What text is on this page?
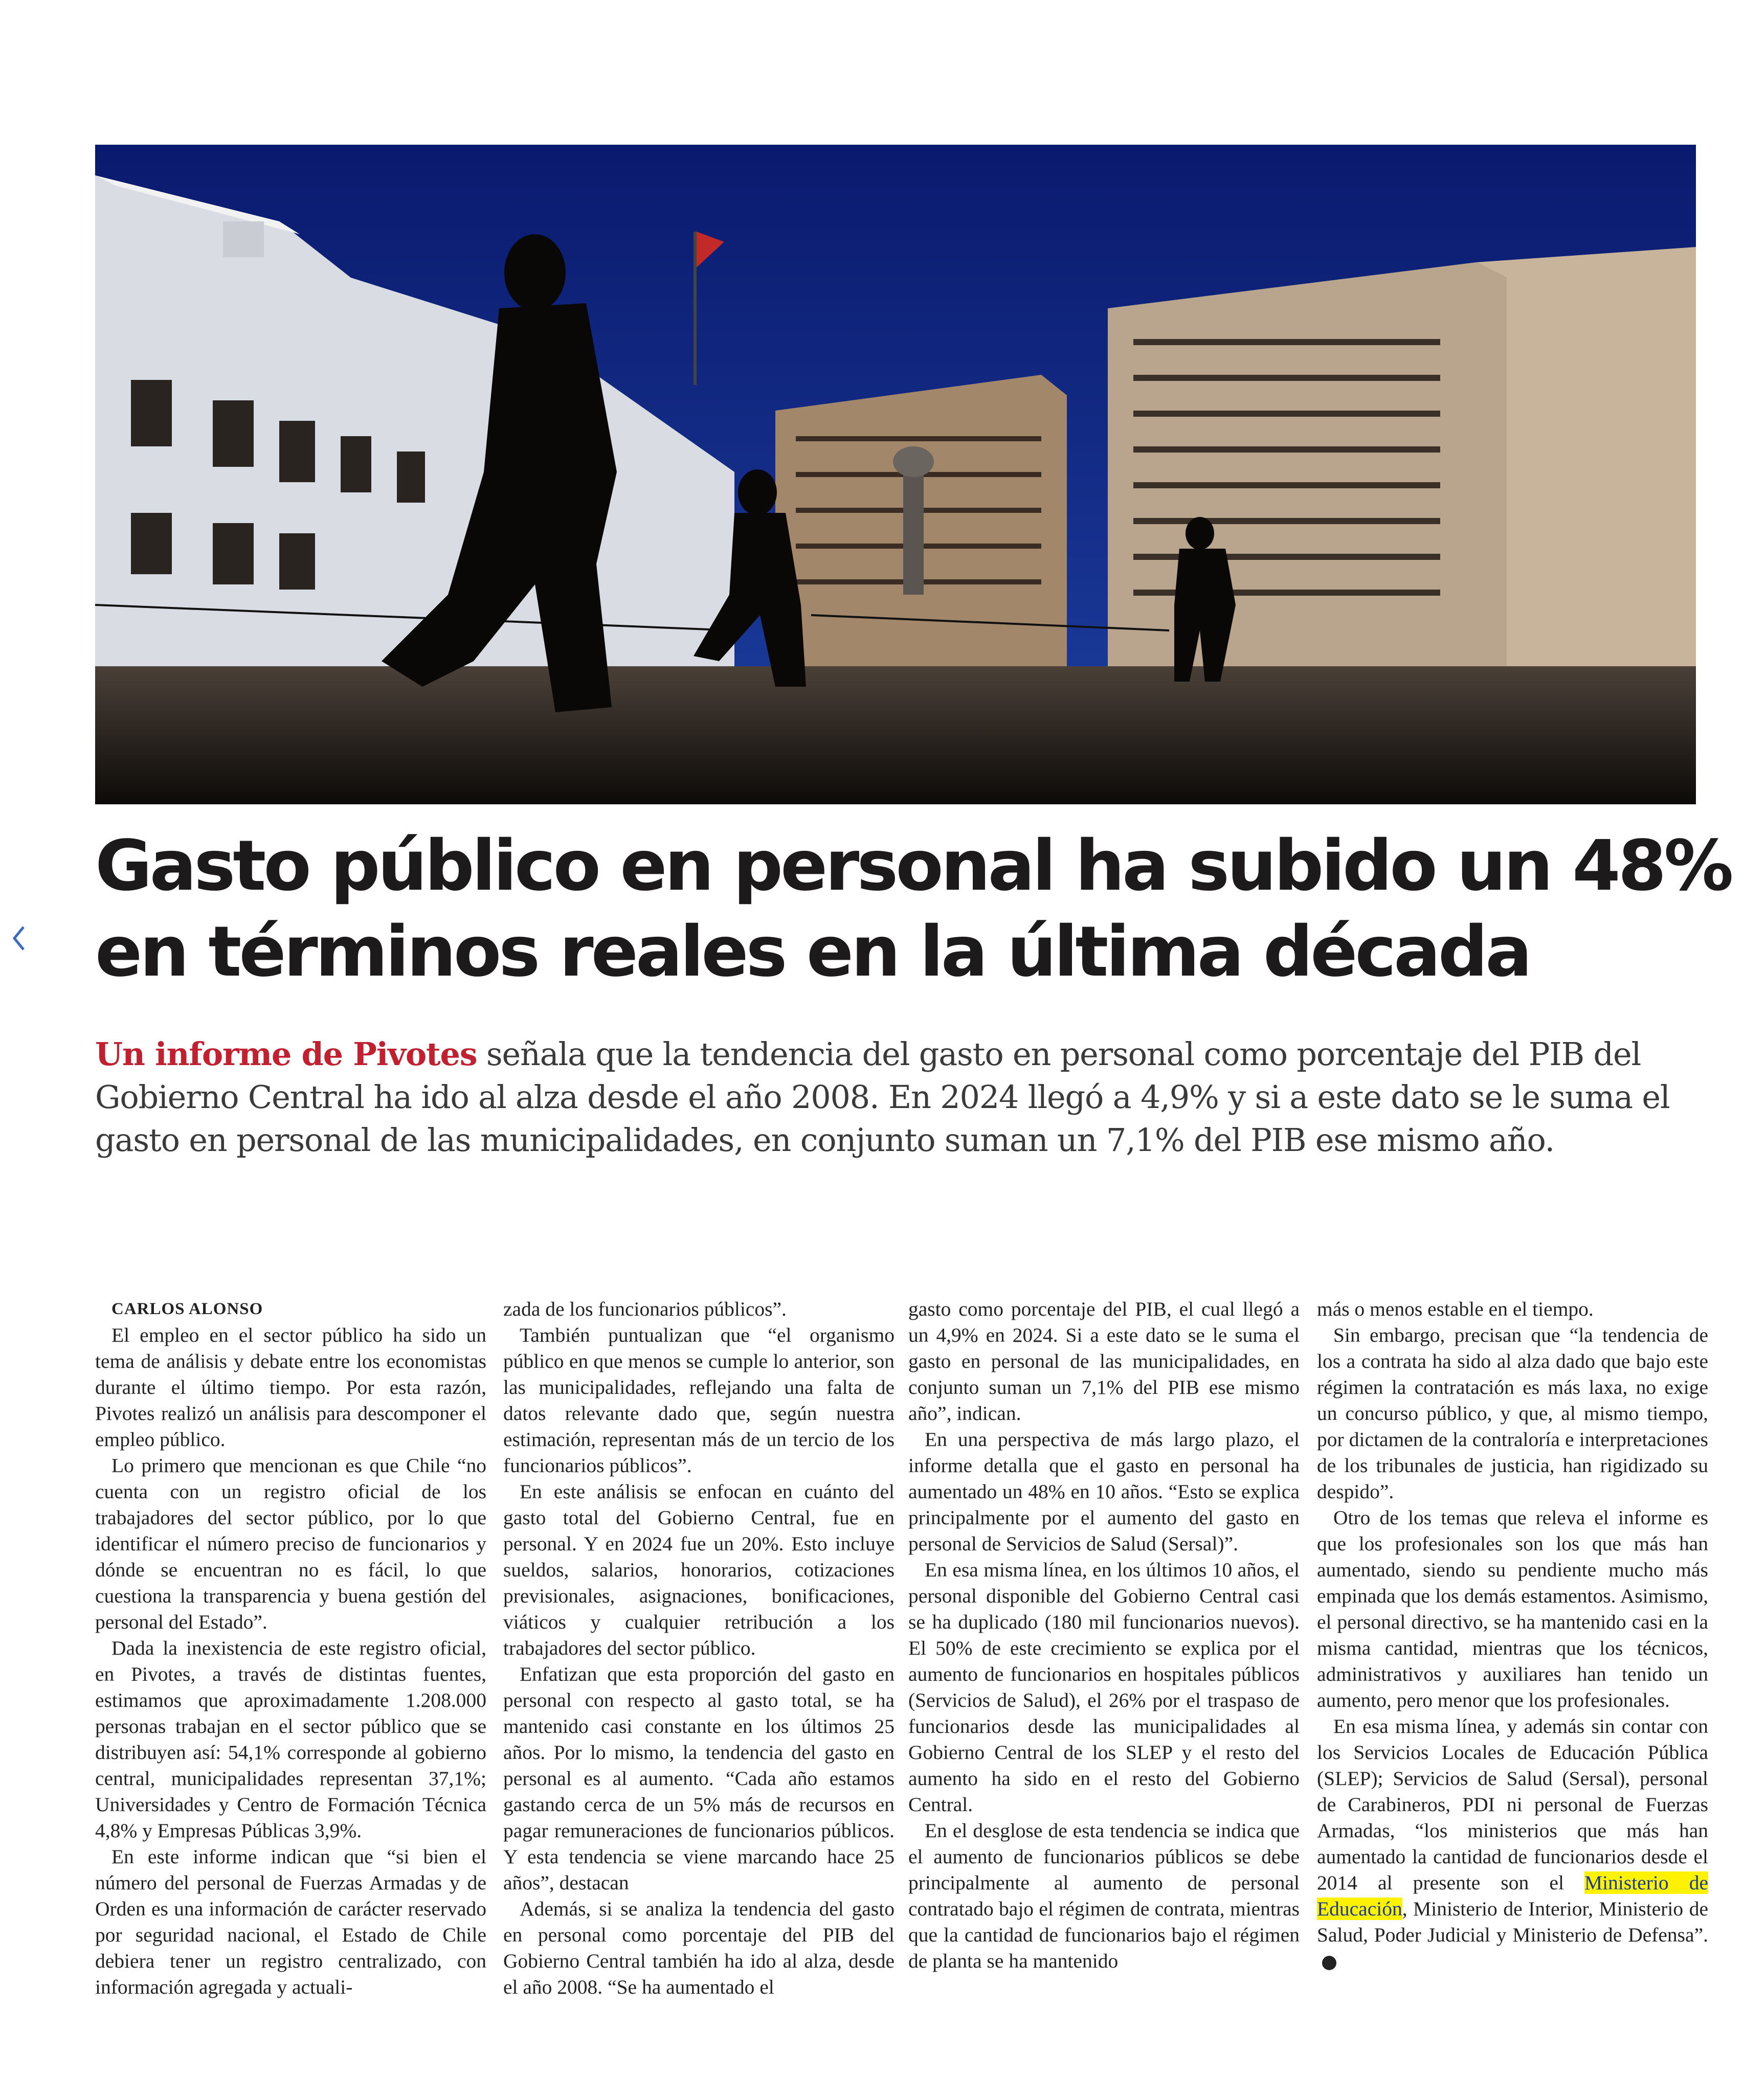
Gasto público en personal ha subido un 48%
en términos reales en la última década

Un informe de Pivotes señala que la tendencia del gasto en personal como porcentaje del PIB del Gobierno Central ha ido al alza desde el año 2008. En 2024 llegó a 4,9% y si a este dato se le suma el gasto en personal de las municipalidades, en conjunto suman un 7,1% del PIB ese mismo año.

CARLOS ALONSO

El empleo en el sector público ha sido un tema de análisis y debate entre los economistas durante el último tiempo. Por esta razón, Pivotes realizó un análisis para descomponer el empleo público.

Lo primero que mencionan es que Chile “no cuenta con un registro oficial de los trabajadores del sector público, por lo que identificar el número preciso de funcionarios y dónde se encuentran no es fácil, lo que cuestiona la transparencia y buena gestión del personal del Estado”.

Dada la inexistencia de este registro oficial, en Pivotes, a través de distintas fuentes, estimamos que aproximadamente 1.208.000 personas trabajan en el sector público que se distribuyen así: 54,1% corresponde al gobierno central, municipalidades representan 37,1%; Universidades y Centro de Formación Técnica 4,8% y Empresas Públicas 3,9%.

En este informe indican que “si bien el número del personal de Fuerzas Armadas y de Orden es una información de carácter reservado por seguridad nacional, el Estado de Chile debiera tener un registro centralizado, con información agregada y actuali-

zada de los funcionarios públicos”.

También puntualizan que “el organismo público en que menos se cumple lo anterior, son las municipalidades, reflejando una falta de datos relevante dado que, según nuestra estimación, representan más de un tercio de los funcionarios públicos”.

En este análisis se enfocan en cuánto del gasto total del Gobierno Central, fue en personal. Y en 2024 fue un 20%. Esto incluye sueldos, salarios, honorarios, cotizaciones previsionales, asignaciones, bonificaciones, viáticos y cualquier retribución a los trabajadores del sector público.

Enfatizan que esta proporción del gasto en personal con respecto al gasto total, se ha mantenido casi constante en los últimos 25 años. Por lo mismo, la tendencia del gasto en personal es al aumento. “Cada año estamos gastando cerca de un 5% más de recursos en pagar remuneraciones de funcionarios públicos. Y esta tendencia se viene marcando hace 25 años”, destacan

Además, si se analiza la tendencia del gasto en personal como porcentaje del PIB del Gobierno Central también ha ido al alza, desde el año 2008. “Se ha aumentado el

gasto como porcentaje del PIB, el cual llegó a un 4,9% en 2024. Si a este dato se le suma el gasto en personal de las municipalidades, en conjunto suman un 7,1% del PIB ese mismo año”, indican.

En una perspectiva de más largo plazo, el informe detalla que el gasto en personal ha aumentado un 48% en 10 años. “Esto se explica principalmente por el aumento del gasto en personal de Servicios de Salud (Sersal)”.

En esa misma línea, en los últimos 10 años, el personal disponible del Gobierno Central casi se ha duplicado (180 mil funcionarios nuevos). El 50% de este crecimiento se explica por el aumento de funcionarios en hospitales públicos (Servicios de Salud), el 26% por el traspaso de funcionarios desde las municipalidades al Gobierno Central de los SLEP y el resto del aumento ha sido en el resto del Gobierno Central.

En el desglose de esta tendencia se indica que el aumento de funcionarios públicos se debe principalmente al aumento de personal contratado bajo el régimen de contrata, mientras que la cantidad de funcionarios bajo el régimen de planta se ha mantenido

más o menos estable en el tiempo.

Sin embargo, precisan que “la tendencia de los a contrata ha sido al alza dado que bajo este régimen la contratación es más laxa, no exige un concurso público, y que, al mismo tiempo, por dictamen de la contraloría e interpretaciones de los tribunales de justicia, han rigidizado su despido”.

Otro de los temas que releva el informe es que los profesionales son los que más han aumentado, siendo su pendiente mucho más empinada que los demás estamentos. Asimismo, el personal directivo, se ha mantenido casi en la misma cantidad, mientras que los técnicos, administrativos y auxiliares han tenido un aumento, pero menor que los profesionales.

En esa misma línea, y además sin contar con los Servicios Locales de Educación Pública (SLEP); Servicios de Salud (Sersal), personal de Carabineros, PDI ni personal de Fuerzas Armadas, “los ministerios que más han aumentado la cantidad de funcionarios desde el 2014 al presente son el Ministerio de Educación, Ministerio de Interior, Ministerio de Salud, Poder Judicial y Ministerio de Defensa”.P
